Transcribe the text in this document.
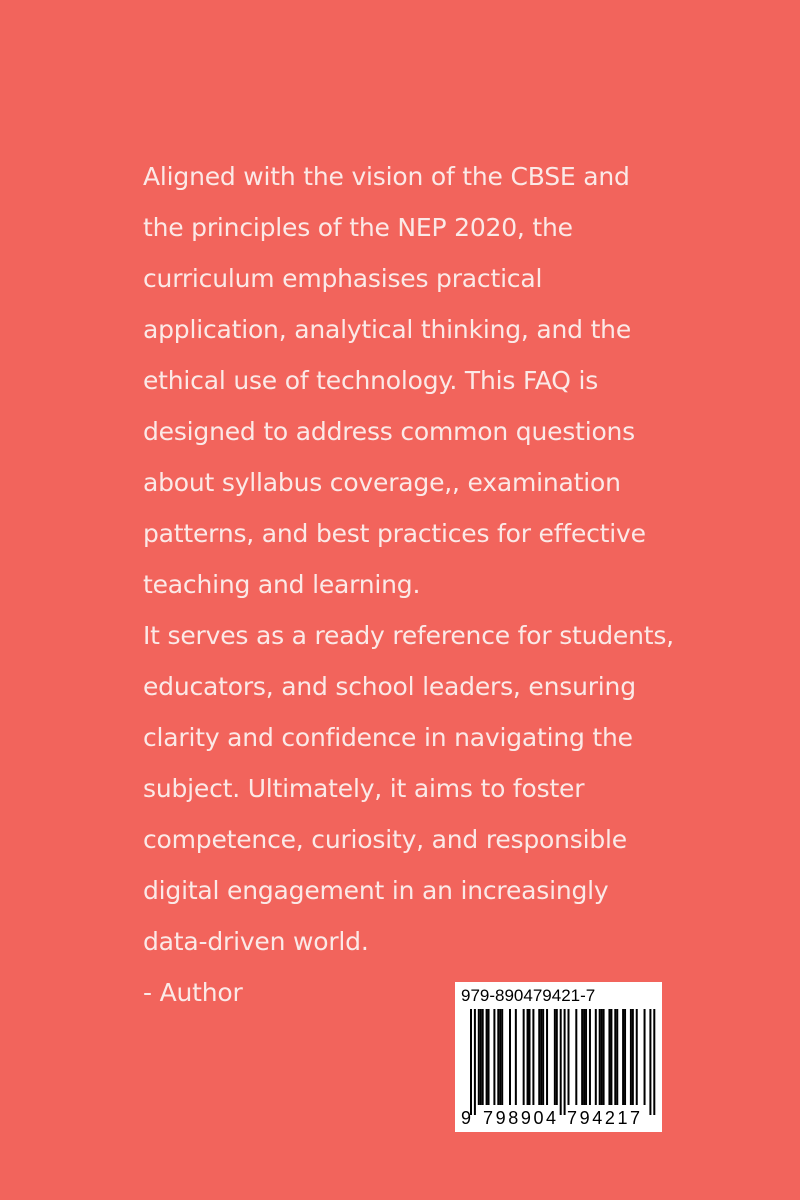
Aligned with the vision of the CBSE and
the principles of the NEP 2020, the
curriculum emphasises practical
application, analytical thinking, and the
ethical use of technology. This FAQ is
designed to address common questions
about syllabus coverage,, examination
patterns, and best practices for effective
teaching and learning.
It serves as a ready reference for students,
educators, and school leaders, ensuring
clarity and confidence in navigating the
subject. Ultimately, it aims to foster
competence, curiosity, and responsible
digital engagement in an increasingly
data-driven world.
- Author	979-890479421-7
9 798904 794217
